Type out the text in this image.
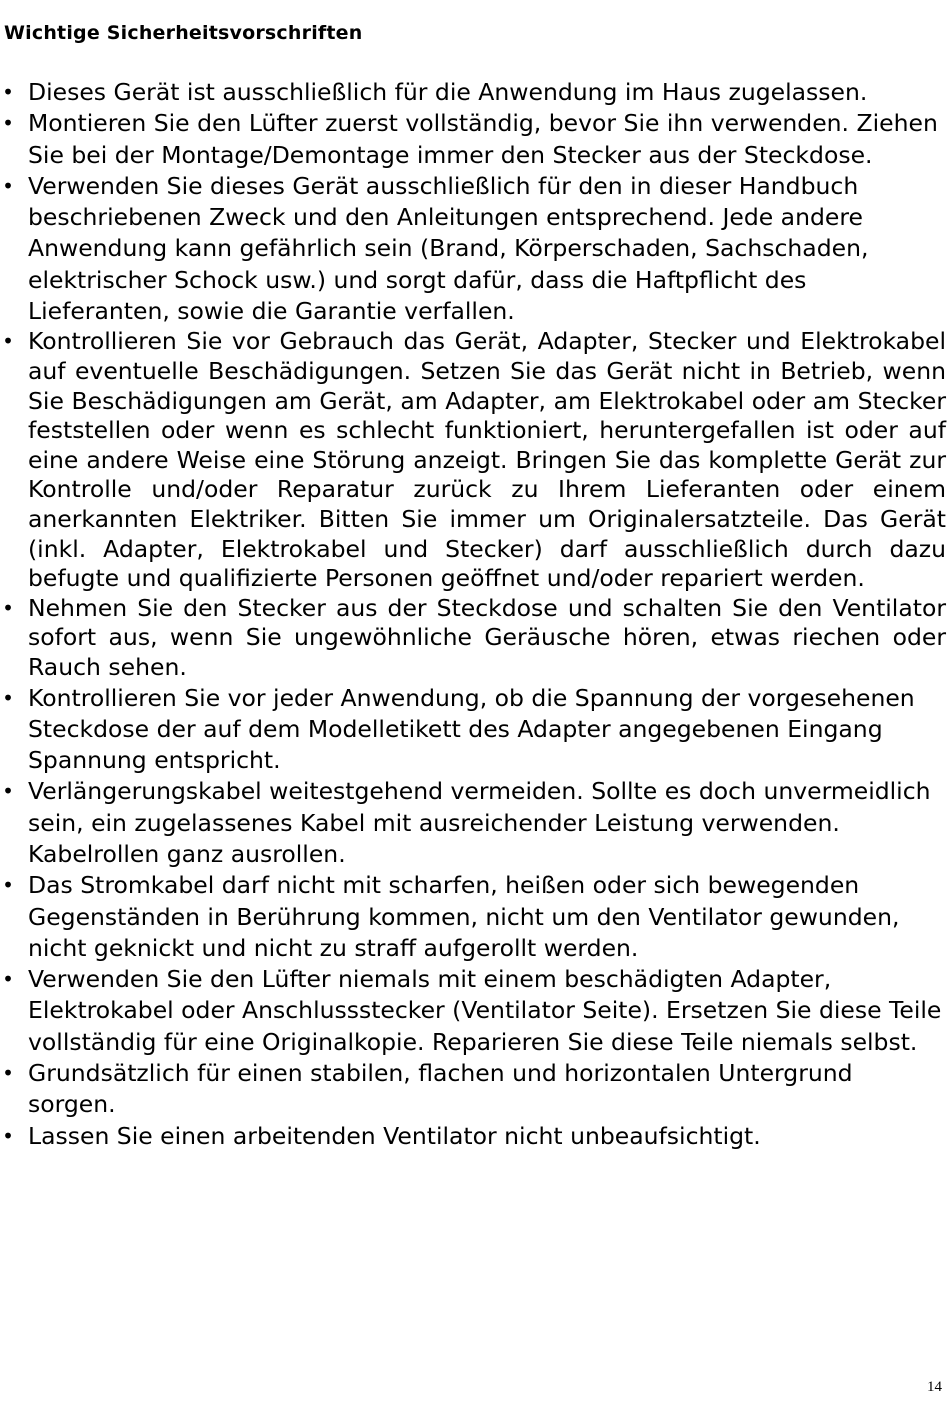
Wichtige Sicherheitsvorschriften
• Dieses Gerät ist ausschließlich für die Anwendung im Haus zugelassen.
• Montieren Sie den Lüfter zuerst vollständig, bevor Sie ihn verwenden. Ziehen Sie bei der Montage/Demontage immer den Stecker aus der Steckdose.
• Verwenden Sie dieses Gerät ausschließlich für den in dieser Handbuch beschriebenen Zweck und den Anleitungen entsprechend. Jede andere Anwendung kann gefährlich sein (Brand, Körperschaden, Sachschaden, elektrischer Schock usw.) und sorgt dafür, dass die Haftpflicht des Lieferanten, sowie die Garantie verfallen.
• Kontrollieren Sie vor Gebrauch das Gerät, Adapter, Stecker und Elektrokabel auf eventuelle Beschädigungen. Setzen Sie das Gerät nicht in Betrieb, wenn Sie Beschädigungen am Gerät, am Adapter, am Elektrokabel oder am Stecker feststellen oder wenn es schlecht funktioniert, heruntergefallen ist oder auf eine andere Weise eine Störung anzeigt. Bringen Sie das komplette Gerät zur Kontrolle und/oder Reparatur zurück zu Ihrem Lieferanten oder einem anerkannten Elektriker. Bitten Sie immer um Originalersatzteile. Das Gerät (inkl. Adapter, Elektrokabel und Stecker) darf ausschließlich durch dazu befugte und qualifizierte Personen geöffnet und/oder repariert werden.
• Nehmen Sie den Stecker aus der Steckdose und schalten Sie den Ventilator sofort aus, wenn Sie ungewöhnliche Geräusche hören, etwas riechen oder Rauch sehen.
• Kontrollieren Sie vor jeder Anwendung, ob die Spannung der vorgesehenen Steckdose der auf dem Modelletikett des Adapter angegebenen Eingang Spannung entspricht.
• Verlängerungskabel weitestgehend vermeiden. Sollte es doch unvermeidlich sein, ein zugelassenes Kabel mit ausreichender Leistung verwenden. Kabelrollen ganz ausrollen.
• Das Stromkabel darf nicht mit scharfen, heißen oder sich bewegenden Gegenständen in Berührung kommen, nicht um den Ventilator gewunden, nicht geknickt und nicht zu straff aufgerollt werden.
• Verwenden Sie den Lüfter niemals mit einem beschädigten Adapter, Elektrokabel oder Anschlussstecker (Ventilator Seite). Ersetzen Sie diese Teile vollständig für eine Originalkopie. Reparieren Sie diese Teile niemals selbst.
• Grundsätzlich für einen stabilen, flachen und horizontalen Untergrund sorgen.
• Lassen Sie einen arbeitenden Ventilator nicht unbeaufsichtigt.
14
